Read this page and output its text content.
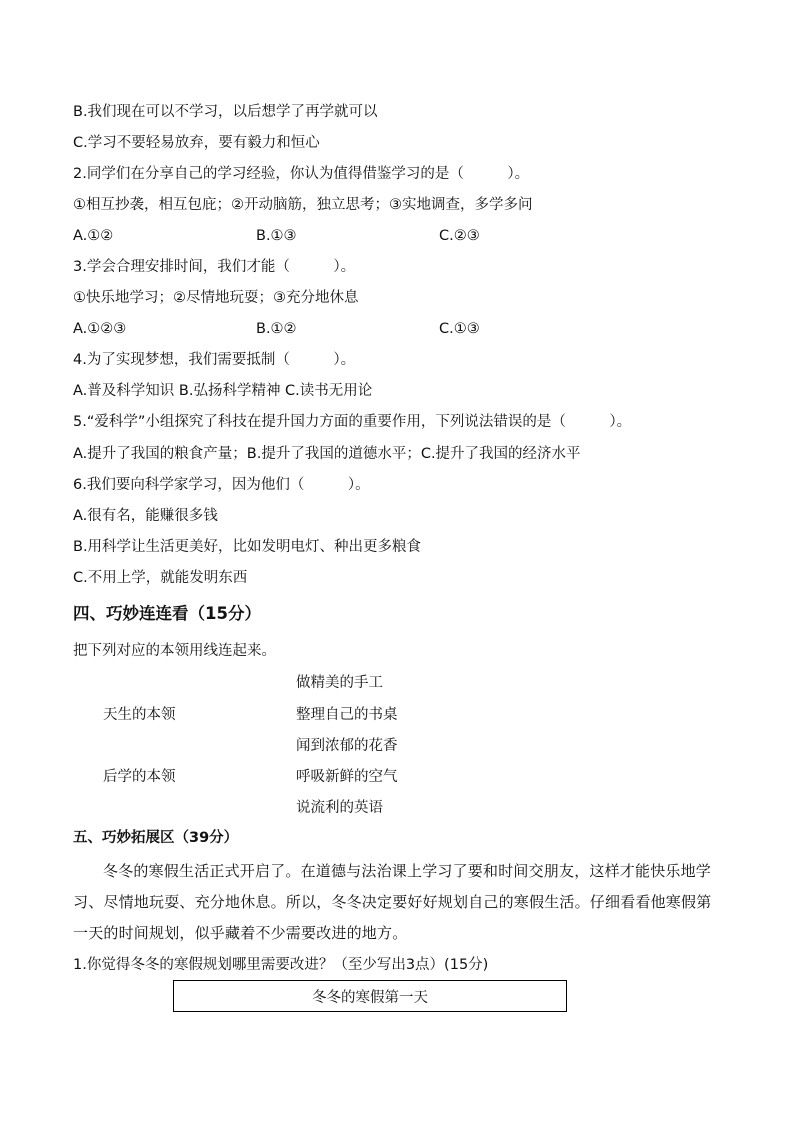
B.我们现在可以不学习，以后想学了再学就可以
C.学习不要轻易放弃，要有毅力和恒心
2.同学们在分享自己的学习经验，你认为值得借鉴学习的是（　　　）。
①相互抄袭，相互包庇；②开动脑筋，独立思考；③实地调查，多学多问
A.①②	B.①③	C.②③
3.学会合理安排时间，我们才能（　　　）。
①快乐地学习；②尽情地玩耍；③充分地休息
A.①②③	B.①②	C.①③
4.为了实现梦想，我们需要抵制（　　　）。
A.普及科学知识 B.弘扬科学精神 C.读书无用论
5.“爱科学”小组探究了科技在提升国力方面的重要作用，下列说法错误的是（　　　）。
A.提升了我国的粮食产量；B.提升了我国的道德水平；C.提升了我国的经济水平
6.我们要向科学家学习，因为他们（　　　）。
A.很有名，能赚很多钱
B.用科学让生活更美好，比如发明电灯、种出更多粮食
C.不用上学，就能发明东西
四、巧妙连连看（15分）
把下列对应的本领用线连起来。
做精美的手工
天生的本领	整理自己的书桌
闻到浓郁的花香
后学的本领	呼吸新鲜的空气
说流利的英语
五、巧妙拓展区（39分）
冬冬的寒假生活正式开启了。在道德与法治课上学习了要和时间交朋友，这样才能快乐地学习、尽情地玩耍、充分地休息。所以，冬冬决定要好好规划自己的寒假生活。仔细看看他寒假第一天的时间规划，似乎藏着不少需要改进的地方。
1.你觉得冬冬的寒假规划哪里需要改进？（至少写出3点）(15分)
冬冬的寒假第一天
